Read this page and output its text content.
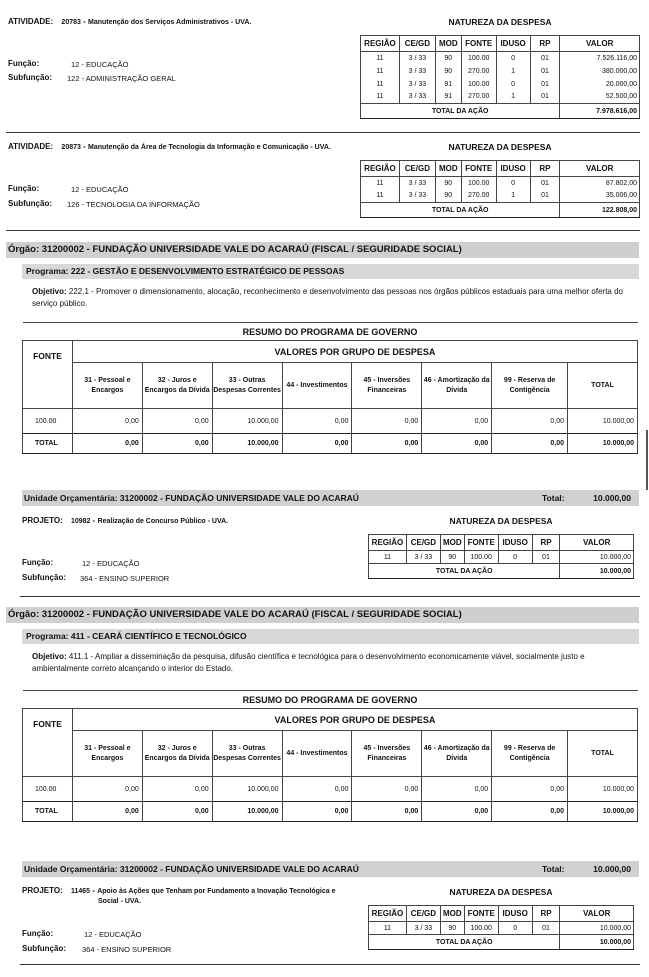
ATIVIDADE: 20783 - Manutenção dos Serviços Administrativos - UVA.	NATUREZA DA DESPESA
Função:	12 - EDUCAÇÃO
Subfunção: 122 - ADMINISTRAÇÃO GERAL
REGIÃO	CE/GD	MOD	FONTE	IDUSO	RP	VALOR
11	3 / 33	90	100.00	0	01	7.526.116,00
11	3 / 33	90	270.00	1	01	380.000,00
11	3 / 33	91	100.00	0	01	20.000,00
11	3 / 33	91	270.00	1	01	52.500,00
TOTAL DA AÇÃO						7.978.616,00
ATIVIDADE: 20873 - Manutenção da Área de Tecnologia da Informação e Comunicação - UVA.	NATUREZA DA DESPESA
Função:	12 - EDUCAÇÃO
Subfunção: 126 - TECNOLOGIA DA INFORMAÇÃO
REGIÃO	CE/GD	MOD	FONTE	IDUSO	RP	VALOR
11	3 / 33	90	100.00	0	01	87.802,00
11	3 / 33	90	270.00	1	01	35.006,00
TOTAL DA AÇÃO						122.808,00
Órgão: 31200002 - FUNDAÇÃO UNIVERSIDADE VALE DO ACARAÚ (FISCAL / SEGURIDADE SOCIAL)
Programa: 222 - GESTÃO E DESENVOLVIMENTO ESTRATÉGICO DE PESSOAS
Objetivo: 222.1 - Promover o dimensionamento, alocação, reconhecimento e desenvolvimento das pessoas nos órgãos públicos estaduais para uma melhor oferta do serviço público.
RESUMO DO PROGRAMA DE GOVERNO								
FONTE	VALORES POR GRUPO DE DESPESA							
	31 - Pessoal e Encargos	32 - Juros e Encargos da Dívida	33 - Outras Despesas Correntes	44 - Investimentos	45 - Inversões Financeiras	46 - Amortização da Dívida	99 - Reserva de Contigência	TOTAL

100.00	0,00	0,00	10.000,00	0,00	0,00	0,00	0,00	10.000,00

TOTAL	0,00	0,00	10.000,00	0,00	0,00	0,00	0,00	10.000,00
Unidade Orçamentária: 31200002 - FUNDAÇÃO UNIVERSIDADE VALE DO ACARAÚ	Total:	10.000,00
PROJETO: 10982 - Realização de Concurso Público - UVA.	NATUREZA DA DESPESA
Função:	12 - EDUCAÇÃO
Subfunção: 364 - ENSINO SUPERIOR
REGIÃO	CE/GD	MOD	FONTE	IDUSO	RP	VALOR
11	3 / 33	90	100.00	0	01	10.000,00
TOTAL DA AÇÃO						10.000,00
Órgão: 31200002 - FUNDAÇÃO UNIVERSIDADE VALE DO ACARAÚ (FISCAL / SEGURIDADE SOCIAL)
Programa: 411 - CEARÁ CIENTÍFICO E TECNOLÓGICO
Objetivo: 411.1 - Ampliar a disseminação da pesquisa, difusão científica e tecnológica para o desenvolvimento economicamente viável, socialmente justo e ambientalmente correto alcançando o interior do Estado.
RESUMO DO PROGRAMA DE GOVERNO								
FONTE	VALORES POR GRUPO DE DESPESA							
	31 - Pessoal e Encargos	32 - Juros e Encargos da Dívida	33 - Outras Despesas Correntes	44 - Investimentos	45 - Inversões Financeiras	46 - Amortização da Dívida	99 - Reserva de Contigência	TOTAL

100.00	0,00	0,00	10.000,00	0,00	0,00	0,00	0,00	10.000,00

TOTAL	0,00	0,00	10.000,00	0,00	0,00	0,00	0,00	10.000,00
Unidade Orçamentária: 31200002 - FUNDAÇÃO UNIVERSIDADE VALE DO ACARAÚ	Total:	10.000,00
PROJETO: 11465 - Apoio às Ações que Tenham por Fundamento a Inovação Tecnológica e
Social - UVA.
NATUREZA DA DESPESA
Função:	12 - EDUCAÇÃO
Subfunção: 364 - ENSINO SUPERIOR
REGIÃO	CE/GD	MOD	FONTE	IDUSO	RP	VALOR
11	3 / 33	90	100.00	0	01	10.000,00
TOTAL DA AÇÃO						10.000,00
